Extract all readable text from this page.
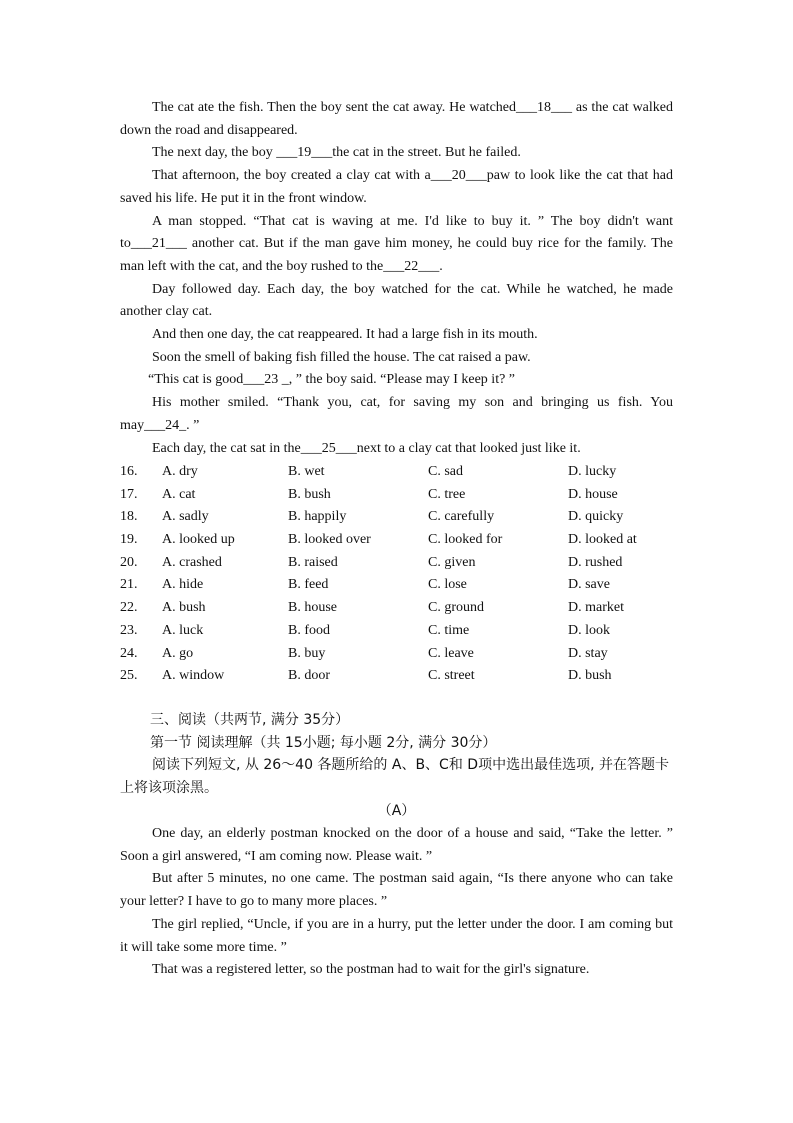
The cat ate the fish. Then the boy sent the cat away. He watched___18___ as the cat walked down the road and disappeared.

The next day, the boy ___19___the cat in the street. But he failed.

That afternoon, the boy created a clay cat with a___20___paw to look like the cat that had saved his life. He put it in the front window.

A man stopped. “That cat is waving at me. I'd like to buy it. ” The boy didn't want to___21___ another cat. But if the man gave him money, he could buy rice for the family. The man left with the cat, and the boy rushed to the___22___.

Day followed day. Each day, the boy watched for the cat. While he watched, he made another clay cat.

And then one day, the cat reappeared. It had a large fish in its mouth.

Soon the smell of baking fish filled the house. The cat raised a paw.

“This cat is good___23 _, ” the boy said. “Please may I keep it? ”

His mother smiled. “Thank you, cat, for saving my son and bringing us fish. You may___24_. ”

Each day, the cat sat in the___25___next to a clay cat that looked just like it.

16. A. dry	B. wet	C. sad	D. lucky
17. A. cat	B. bush	C. tree	D. house
18. A. sadly	B. happily	C. carefully	D. quicky
19. A. looked up	B. looked over	C. looked for	D. looked at
20. A. crashed	B. raised	C. given	D. rushed
21. A. hide	B. feed	C. lose	D. save
22. A. bush	B. house	C. ground	D. market
23. A. luck	B. food	C. time	D. look
24. A. go	B. buy	C. leave	D. stay
25. A. window	B. door	C. street	D. bush

三、阅读（共两节, 满分 35分）

第一节 阅读理解（共 15小题; 每小题 2分, 满分 30分）

阅读下列短文, 从 26～40 各题所给的 A、B、C和 D项中选出最佳选项, 并在答题卡上将该项涂黑。

（A）

One day, an elderly postman knocked on the door of a house and said, “Take the letter. ” Soon a girl answered, “I am coming now. Please wait. ”

But after 5 minutes, no one came. The postman said again, “Is there anyone who can take your letter? I have to go to many more places. ”

The girl replied, “Uncle, if you are in a hurry, put the letter under the door. I am coming but it will take some more time. ”

That was a registered letter, so the postman had to wait for the girl's signature.
